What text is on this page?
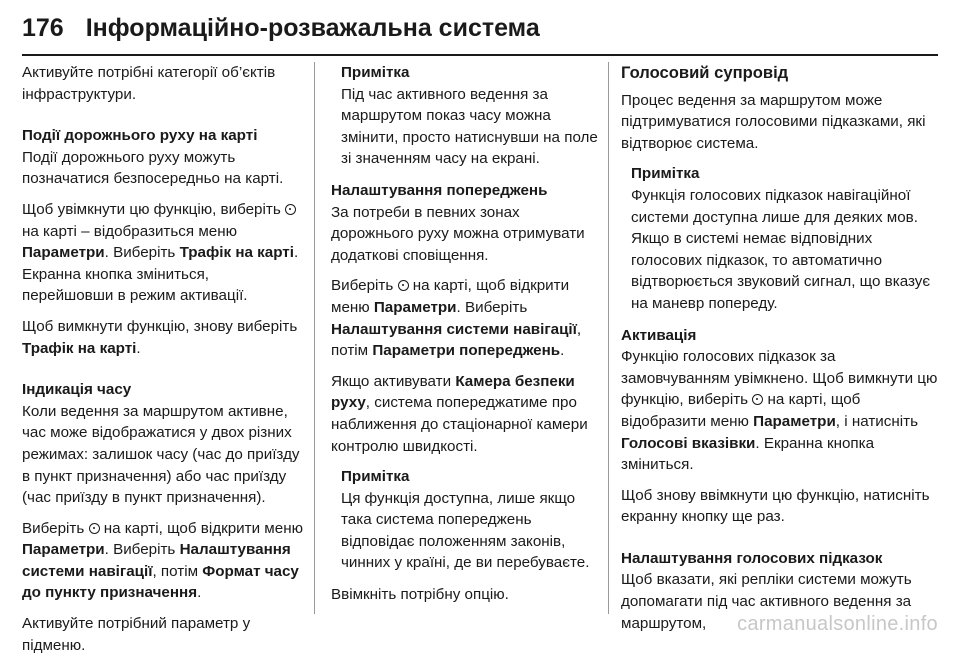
176 Інформаційно-розважальна система

Активуйте потрібні категорії об’єктів інфраструктури.

Події дорожнього руху на карті

Події дорожнього руху можуть позначатися безпосередньо на карті.

Щоб увімкнути цю функцію, виберіть  на карті – відобразиться меню Параметри. Виберіть Трафік на карті. Екранна кнопка зміниться, перейшовши в режим активації.

Щоб вимкнути функцію, знову виберіть Трафік на карті.

Індикація часу

Коли ведення за маршрутом активне, час може відображатися у двох різних режимах: залишок часу (час до приїзду в пункт призначення) або час приїзду (час приїзду в пункт призначення).

Виберіть  на карті, щоб відкрити меню Параметри. Виберіть Налаштування системи навігації, потім Формат часу до пункту призначення.

Активуйте потрібний параметр у підменю.

Примітка

Під час активного ведення за маршрутом показ часу можна змінити, просто натиснувши на поле зі значенням часу на екрані.

Налаштування попереджень

За потреби в певних зонах дорожнього руху можна отримувати додаткові сповіщення.

Виберіть  на карті, щоб відкрити меню Параметри. Виберіть Налаштування системи навігації, потім Параметри попереджень.

Якщо активувати Камера безпеки руху, система попереджатиме про наближення до стаціонарної камери контролю швидкості.

Примітка

Ця функція доступна, лише якщо така система попереджень відповідає положенням законів, чинних у країні, де ви перебуваєте.

Ввімкніть потрібну опцію.

Голосовий супровід

Процес ведення за маршрутом може підтримуватися голосовими підказками, які відтворює система.

Примітка

Функція голосових підказок навігаційної системи доступна лише для деяких мов. Якщо в системі немає відповідних голосових підказок, то автоматично відтворюється звуковий сигнал, що вказує на маневр попереду.

Активація

Функцію голосових підказок за замовчуванням увімкнено. Щоб вимкнути цю функцію, виберіть  на карті, щоб відобразити меню Параметри, і натисніть Голосові вказівки. Екранна кнопка зміниться.

Щоб знову ввімкнути цю функцію, натисніть екранну кнопку ще раз.

Налаштування голосових підказок

Щоб вказати, які репліки системи можуть допомагати під час активного ведення за маршрутом,	carmanualsonline.info
